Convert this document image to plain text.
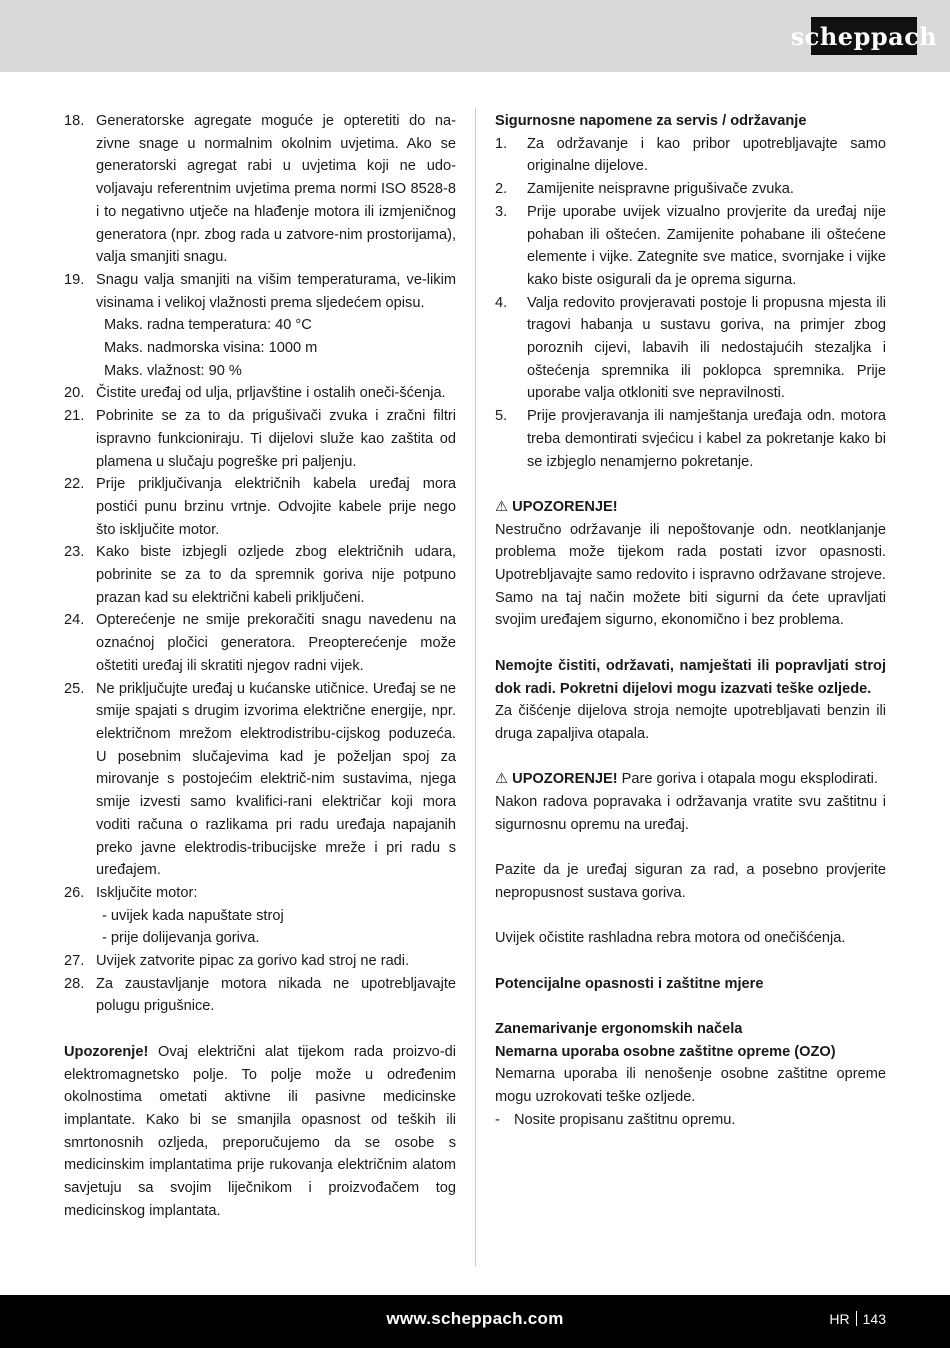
scheppach
18. Generatorske agregate moguće je opteretiti do na-zivne snage u normalnim okolnim uvjetima. Ako se generatorski agregat rabi u uvjetima koji ne udo-voljavaju referentnim uvjetima prema normi ISO 8528-8 i to negativno utječe na hlađenje motora ili izmjeničnog generatora (npr. zbog rada u zatvore-nim prostorijama), valja smanjiti snagu.
19. Snagu valja smanjiti na višim temperaturama, ve-likim visinama i velikoj vlažnosti prema sljedećem opisu.
Maks. radna temperatura: 40 °C
Maks. nadmorska visina: 1000 m
Maks. vlažnost: 90 %
20. Čistite uređaj od ulja, prljavštine i ostalih oneči-šćenja.
21. Pobrinite se za to da prigušivači zvuka i zračni filtri ispravno funkcioniraju. Ti dijelovi služe kao zaštita od plamena u slučaju pogreške pri paljenju.
22. Prije priključivanja električnih kabela uređaj mora postići punu brzinu vrtnje. Odvojite kabele prije nego što isključite motor.
23. Kako biste izbjegli ozljede zbog električnih udara, pobrinite se za to da spremnik goriva nije potpuno prazan kad su električni kabeli priključeni.
24. Opterećenje ne smije prekoračiti snagu navedenu na oznaćnoj pločici generatora. Preopterećenje može oštetiti uređaj ili skratiti njegov radni vijek.
25. Ne priključujte uređaj u kućanske utičnice. Uređaj se ne smije spajati s drugim izvorima električne energije, npr. električnom mrežom elektrodistribu-cijskog poduzeća. U posebnim slučajevima kad je poželjan spoj za mirovanje s postojećim električ-nim sustavima, njega smije izvesti samo kvalifici-rani električar koji mora voditi računa o razlikama pri radu uređaja napajanih preko javne elektrodis-tribucijske mreže i pri radu s uređajem.
26. Isključite motor:
- uvijek kada napuštate stroj
- prije dolijevanja goriva.
27. Uvijek zatvorite pipac za gorivo kad stroj ne radi.
28. Za zaustavljanje motora nikada ne upotrebljavajte polugu prigušnice.

Upozorenje! Ovaj električni alat tijekom rada proizvo-di elektromagnetsko polje. To polje može u određenim okolnostima ometati aktivne ili pasivne medicinske implantate. Kako bi se smanjila opasnost od teških ili smrtonosnih ozljeda, preporučujemo da se osobe s medicinskim implantatima prije rukovanja električnim alatom savjetuju sa svojim liječnikom i proizvođačem tog medicinskog implantata.

Sigurnosne napomene za servis / održavanje

1. Za održavanje i kao pribor upotrebljavajte samo originalne dijelove.
2. Zamijenite neispravne prigušivače zvuka.
3. Prije uporabe uvijek vizualno provjerite da uređaj nije pohaban ili oštećen. Zamijenite pohabane ili oštećene elemente i vijke. Zategnite sve matice, svornjake i vijke kako biste osigurali da je oprema sigurna.
4. Valja redovito provjeravati postoje li propusna mjesta ili tragovi habanja u sustavu goriva, na primjer zbog poroznih cijevi, labavih ili nedostajućih stezaljka i oštećenja spremnika ili poklopca spremnika. Prije uporabe valja otkloniti sve nepravilnosti.
5. Prije provjeravanja ili namještanja uređaja odn. motora treba demontirati svjećicu i kabel za pokretanje kako bi se izbjeglo nenamjerno pokretanje.

⚠ UPOZORENJE!

Nestručno održavanje ili nepoštovanje odn. neotklanjanje problema može tijekom rada postati izvor opasnosti. Upotrebljavajte samo redovito i ispravno održavane strojeve. Samo na taj način možete biti sigurni da ćete upravljati svojim uređajem sigurno, ekonomično i bez problema.

Nemojte čistiti, održavati, namještati ili popravljati stroj dok radi. Pokretni dijelovi mogu izazvati teške ozljede.

Za čišćenje dijelova stroja nemojte upotrebljavati benzin ili druga zapaljiva otapala.

⚠ UPOZORENJE! Pare goriva i otapala mogu eksplodirati.

Nakon radova popravaka i održavanja vratite svu zaštitnu i sigurnosnu opremu na uređaj.

Pazite da je uređaj siguran za rad, a posebno provjerite nepropusnost sustava goriva.

Uvijek očistite rashladna rebra motora od onečišćenja.

Potencijalne opasnosti i zaštitne mjere

Zanemarivanje ergonomskih načela

Nemarna uporaba osobne zaštitne opreme (OZO)

Nemarna uporaba ili nenošenje osobne zaštitne opreme mogu uzrokovati teške ozljede.

- Nosite propisanu zaštitnu opremu.
www.scheppach.com	HR 143
